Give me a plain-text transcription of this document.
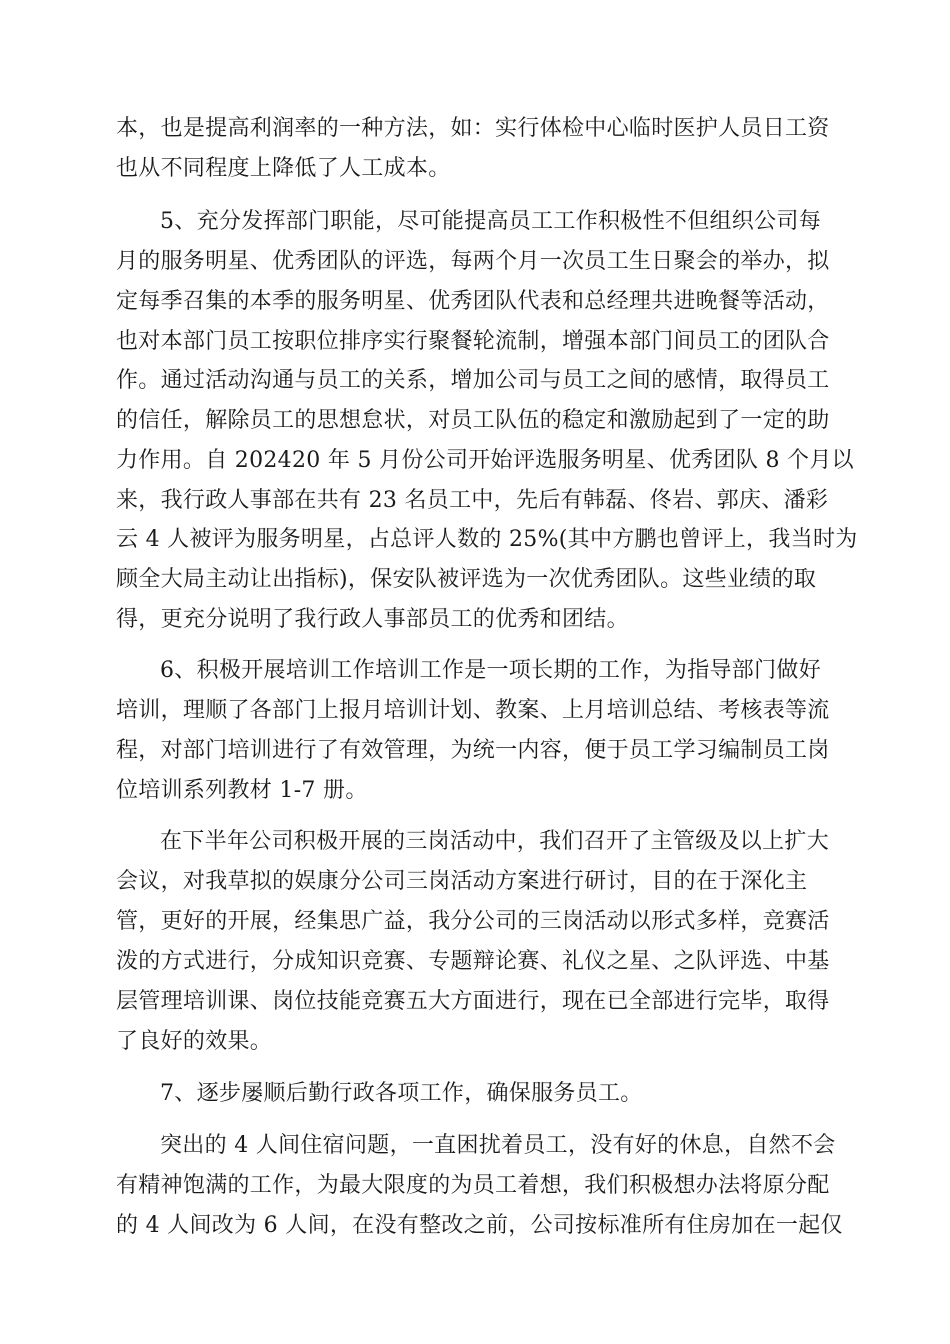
本，也是提高利润率的一种方法，如：实行体检中心临时医护人员日工资
也从不同程度上降低了人工成本。
5、充分发挥部门职能，尽可能提高员工工作积极性不但组织公司每
月的服务明星、优秀团队的评选，每两个月一次员工生日聚会的举办，拟
定每季召集的本季的服务明星、优秀团队代表和总经理共进晚餐等活动，
也对本部门员工按职位排序实行聚餐轮流制，增强本部门间员工的团队合
作。通过活动沟通与员工的关系，增加公司与员工之间的感情，取得员工
的信任，解除员工的思想怠状，对员工队伍的稳定和激励起到了一定的助
力作用。自 202420 年 5 月份公司开始评选服务明星、优秀团队 8 个月以
来，我行政人事部在共有 23 名员工中，先后有韩磊、佟岩、郭庆、潘彩
云 4 人被评为服务明星，占总评人数的 25%(其中方鹏也曾评上，我当时为
顾全大局主动让出指标)，保安队被评选为一次优秀团队。这些业绩的取
得，更充分说明了我行政人事部员工的优秀和团结。
6、积极开展培训工作培训工作是一项长期的工作，为指导部门做好
培训，理顺了各部门上报月培训计划、教案、上月培训总结、考核表等流
程，对部门培训进行了有效管理，为统一内容，便于员工学习编制员工岗
位培训系列教材 1-7 册。
在下半年公司积极开展的三岗活动中，我们召开了主管级及以上扩大
会议，对我草拟的娱康分公司三岗活动方案进行研讨，目的在于深化主
管，更好的开展，经集思广益，我分公司的三岗活动以形式多样，竞赛活
泼的方式进行，分成知识竞赛、专题辩论赛、礼仪之星、之队评选、中基
层管理培训课、岗位技能竞赛五大方面进行，现在已全部进行完毕，取得
了良好的效果。
7、逐步屡顺后勤行政各项工作，确保服务员工。
突出的 4 人间住宿问题，一直困扰着员工，没有好的休息，自然不会
有精神饱满的工作，为最大限度的为员工着想，我们积极想办法将原分配
的 4 人间改为 6 人间，在没有整改之前，公司按标准所有住房加在一起仅
